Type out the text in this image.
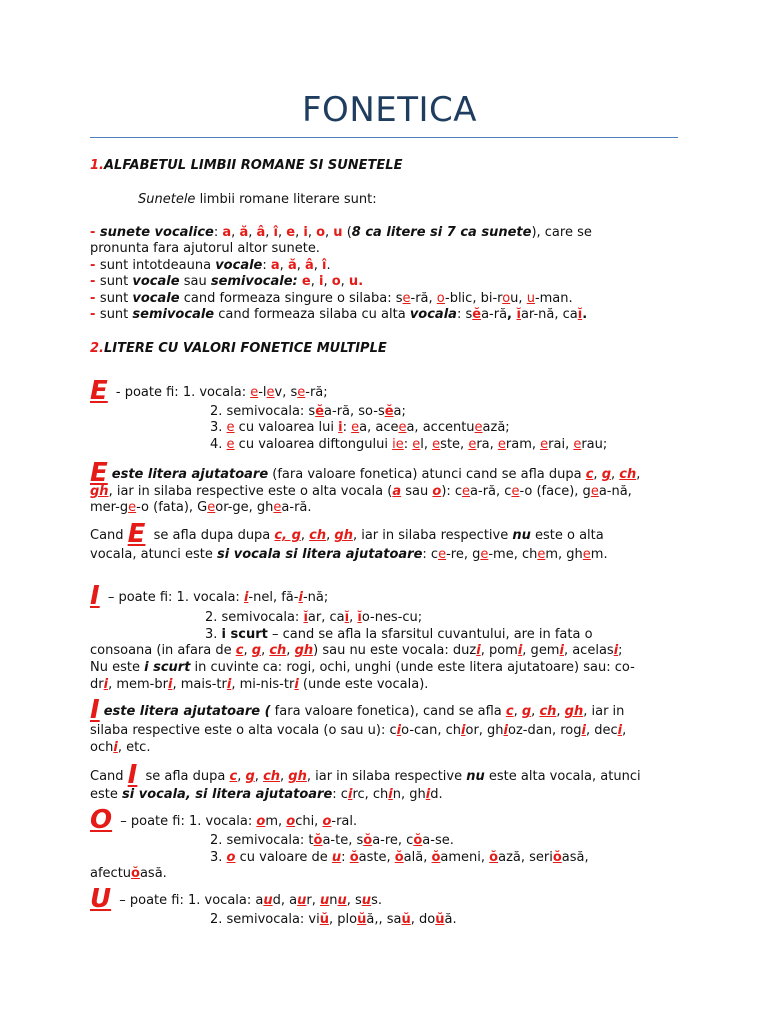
FONETICA
1.ALFABETUL LIMBII ROMANE SI SUNETELE
Sunetele limbii romane literare sunt:
- sunete vocalice: a, ă, â, î, e, i, o, u (8 ca litere si 7 ca sunete), care se
pronunta fara ajutorul altor sunete.
- sunt intotdeauna vocale: a, ă, â, î.
- sunt vocale sau semivocale: e, i, o, u.
- sunt vocale cand formeaza singure o silaba: se-ră, o-blic, bi-rou, u-man.
- sunt semivocale cand formeaza silaba cu alta vocala: sĕa-ră, ĭar-nă, caĭ.
2.LITERE CU VALORI FONETICE MULTIPLE
E - poate fi: 1. vocala: e-lev, se-ră;
2. semivocala: sĕa-ră, so-sĕa;
3. e cu valoarea lui i: ea, aceea, accentuează;
4. e cu valoarea diftongului ie: el, este, era, eram, erai, erau;
Eeste litera ajutatoare (fara valoare fonetica) atunci cand se afla dupa c, g, ch,
gh, iar in silaba respective este o alta vocala (a sau o): cea-ră, ce-o (face), gea-nă,
mer-ge-o (fata), Geor-ge, ghea-ră.
Cand E se afla dupa dupa c, g, ch, gh, iar in silaba respective nu este o alta
vocala, atunci este si vocala si litera ajutatoare: ce-re, ge-me, chem, ghem.
I – poate fi: 1. vocala: i-nel, fă-i-nă;
2. semivocala: ĭar, caĭ, ĭo-nes-cu;
3. i scurt – cand se afla la sfarsitul cuvantului, are in fata o
consoana (in afara de c, g, ch, gh) sau nu este vocala: duzi, pomi, gemi, acelasi;
Nu este i scurt in cuvinte ca: rogi, ochi, unghi (unde este litera ajutatoare) sau: co-
dri, mem-bri, mais-tri, mi-nis-tri (unde este vocala).
Ieste litera ajutatoare ( fara valoare fonetica), cand se afla c, g, ch, gh, iar in
silaba respective este o alta vocala (o sau u): cio-can, chior, ghioz-dan, rogi, deci,
ochi, etc.
Cand I se afla dupa c, g, ch, gh, iar in silaba respective nu este alta vocala, atunci
este si vocala, si litera ajutatoare: circ, chin, ghid.
O – poate fi: 1. vocala: om, ochi, o-ral.
2. semivocala: tŏa-te, sŏa-re, cŏa-se.
3. o cu valoare de u: ŏaste, ŏală, ŏameni, ŏază, seriŏasă,
afectuŏasă.
U – poate fi: 1. vocala: aud, aur, unu, sus.
2. semivocala: viŭ, ploŭă,, saŭ, doŭă.
